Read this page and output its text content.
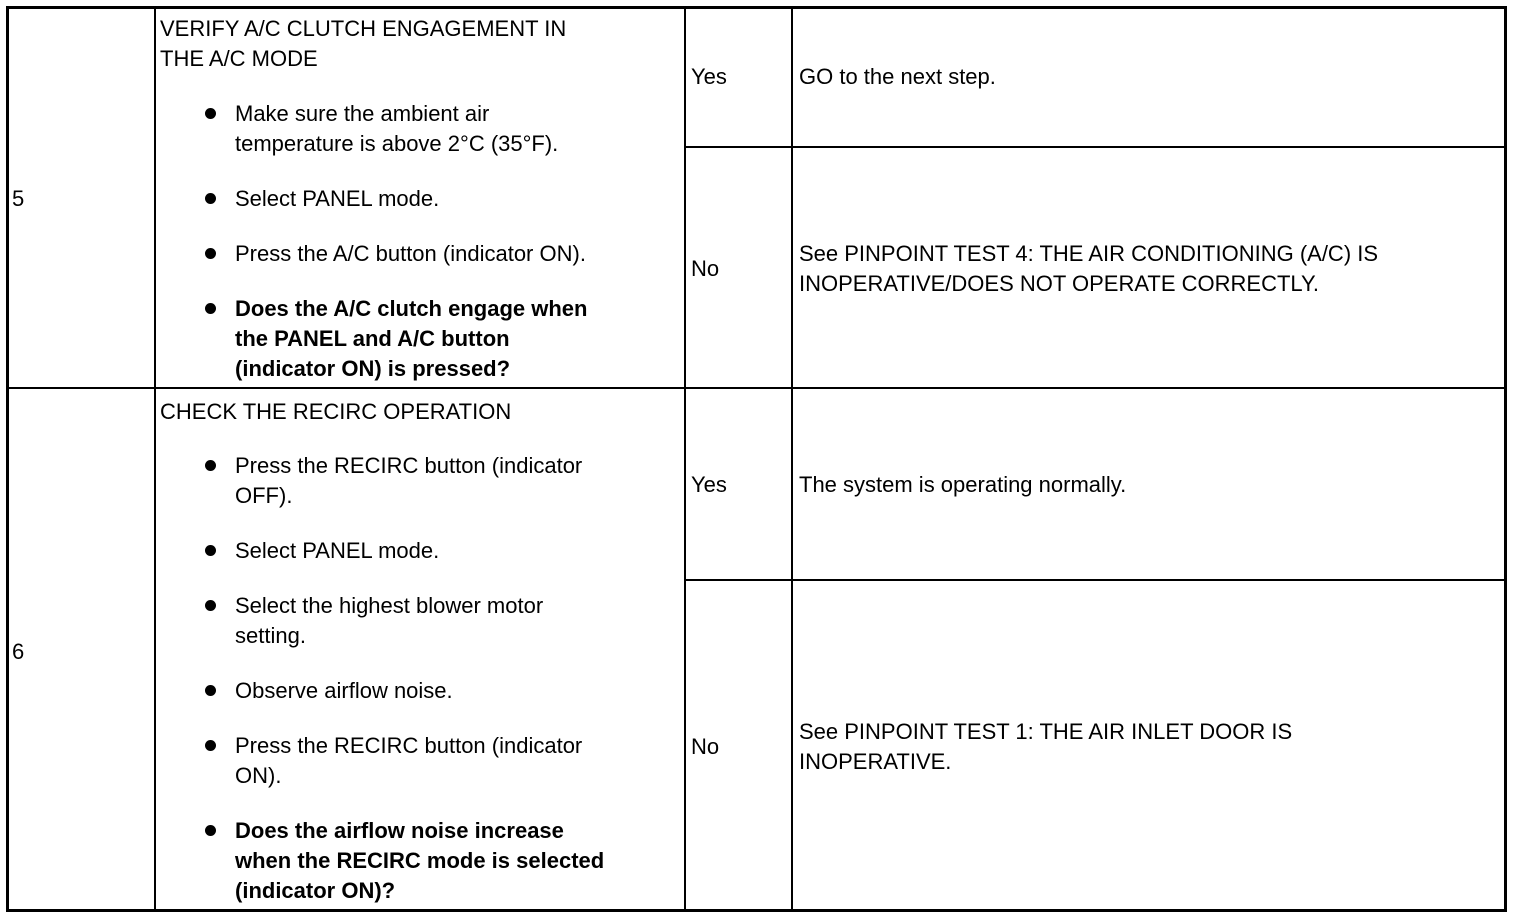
5
VERIFY A/C CLUTCH ENGAGEMENT IN
THE A/C MODE
Make sure the ambient air
temperature is above 2°C (35°F).
Select PANEL mode.
Press the A/C button (indicator ON).
Does the A/C clutch engage when
the PANEL and A/C button
(indicator ON) is pressed?
Yes	GO to the next step.
No
See PINPOINT TEST 4: THE AIR CONDITIONING (A/C) IS
INOPERATIVE/DOES NOT OPERATE CORRECTLY.
6
CHECK THE RECIRC OPERATION
Press the RECIRC button (indicator
OFF).
Select PANEL mode.
Select the highest blower motor
setting.
Observe airflow noise.
Press the RECIRC button (indicator
ON).
Does the airflow noise increase
when the RECIRC mode is selected
(indicator ON)?
Yes	The system is operating normally.
No
See PINPOINT TEST 1: THE AIR INLET DOOR IS
INOPERATIVE.
